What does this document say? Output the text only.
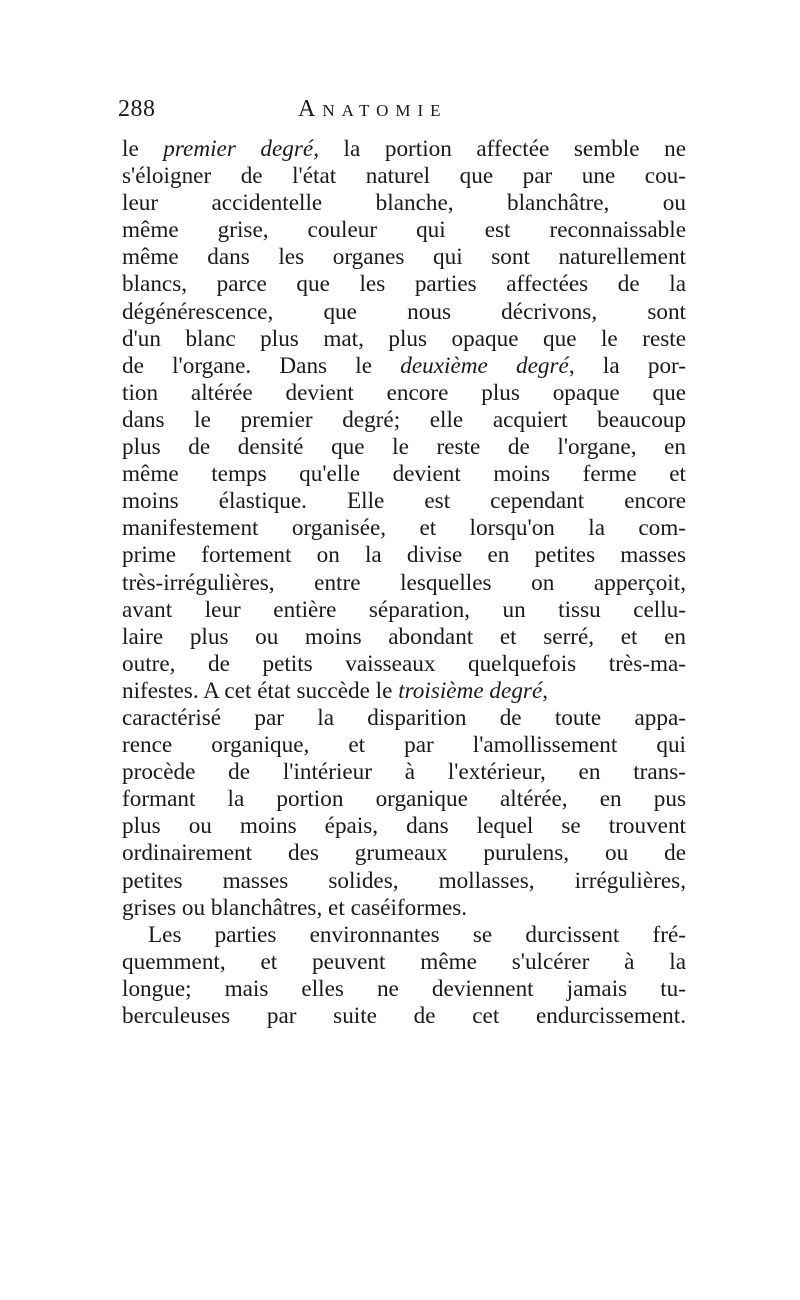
288	Anatomie
le premier degré, la portion affectée semble ne
s'éloigner de l'état naturel que par une cou-
leur accidentelle blanche, blanchâtre, ou
même grise, couleur qui est reconnaissable
même dans les organes qui sont naturellement
blancs, parce que les parties affectées de la
dégénérescence, que nous décrivons, sont
d'un blanc plus mat, plus opaque que le reste
de l'organe. Dans le deuxième degré, la por-
tion altérée devient encore plus opaque que
dans le premier degré; elle acquiert beaucoup
plus de densité que le reste de l'organe, en
même temps qu'elle devient moins ferme et
moins élastique. Elle est cependant encore
manifestement organisée, et lorsqu'on la com-
prime fortement on la divise en petites masses
très-irrégulières, entre lesquelles on apperçoit,
avant leur entière séparation, un tissu cellu-
laire plus ou moins abondant et serré, et en
outre, de petits vaisseaux quelquefois très-ma-
nifestes. A cet état succède le troisième degré,
caractérisé par la disparition de toute appa-
rence organique, et par l'amollissement qui
procède de l'intérieur à l'extérieur, en trans-
formant la portion organique altérée, en pus
plus ou moins épais, dans lequel se trouvent
ordinairement des grumeaux purulens, ou de
petites masses solides, mollasses, irrégulières,
grises ou blanchâtres, et caséiformes.
Les parties environnantes se durcissent fré-
quemment, et peuvent même s'ulcérer à la
longue; mais elles ne deviennent jamais tu-
berculeuses par suite de cet endurcissement.
